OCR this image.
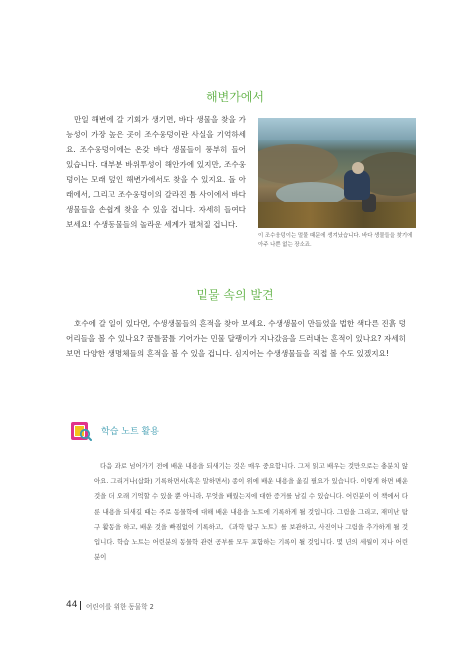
해변가에서

만일 해변에 갈 기회가 생기면, 바다 생물을 찾을 가능성이 가장 높은 곳이 조수웅덩이란 사실을 기억하세요. 조수웅덩이에는 온갖 바다 생물들이 풍부히 들어 있습니다. 대부분 바위투성이 해안가에 있지만, 조수웅덩이는 모래 덮인 해변가에서도 찾을 수 있지요. 돌 아래에서, 그리고 조수웅덩이의 갈라진 틈 사이에서 바다 생물들을 손쉽게 찾을 수 있을 겁니다. 자세히 들여다 보세요! 수생동물들의 놀라운 세계가 펼쳐질 겁니다.

이 조수웅덩이는 멀물 때문에 생겨났습니다. 바다 생물들을 찾기에 아주 나쁜 없는 장소죠.
밑물 속의 발견

호수에 갈 일이 있다면, 수생생물들의 흔적을 찾아 보세요. 수생생물이 만들었을 법한 색다른 진흙 덩어리들을 볼 수 있나요? 꿈틀꿈틀 기어가는 민물 달팽이가 지나갔음을 드러내는 흔적이 있나요? 자세히 보면 다양한 생명체들의 흔적을 볼 수 있을 겁니다. 심지어는 수생생물들을 직접 볼 수도 있겠지요!

학습 노트 활용

다음 과로 넘어가기 전에 배운 내용을 되새기는 것은 매우 중요합니다. 그저 읽고 배우는 것만으로는 충분치 않아요. 그리거나(삽화) 기록하면서(혹은 말하면서) 종이 위에 배운 내용을 옮길 필요가 있습니다. 이렇게 하면 배운 것을 더 오래 기억할 수 있을 뿐 아니라, 무엇을 배웠는지에 대한 증거를 남길 수 있습니다. 어린분이 이 책에서 다룬 내용을 되새길 때는 주로 동물학에 대해 배운 내용을 노트에 기록하게 될 것입니다. 그림을 그리고, 재미난 탐구 활동을 하고, 배운 것을 빠짐없이 기록하고, 《과학 탐구 노트》를 보관하고, 사진이나 그림을 추가하게 될 것입니다. 학습 노트는 어린분의 동물학 관련 공부를 모두 포함하는 기록이 될 것입니다. 몇 년의 세월이 지나 어린분이

44 어린이를 위한 동물학 2
